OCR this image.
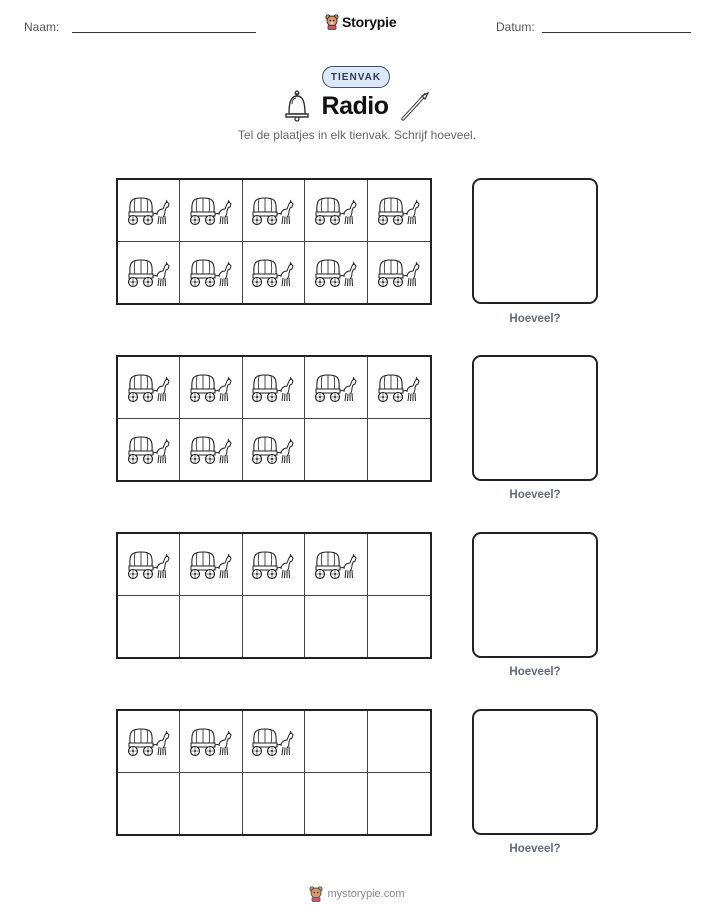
Naam:	Storypie	Datum:
TIENVAK
Radio
Tel de plaatjes in elk tienvak. Schrijf hoeveel.
Hoeveel?
Hoeveel?
Hoeveel?
Hoeveel?
mystorypie.com
